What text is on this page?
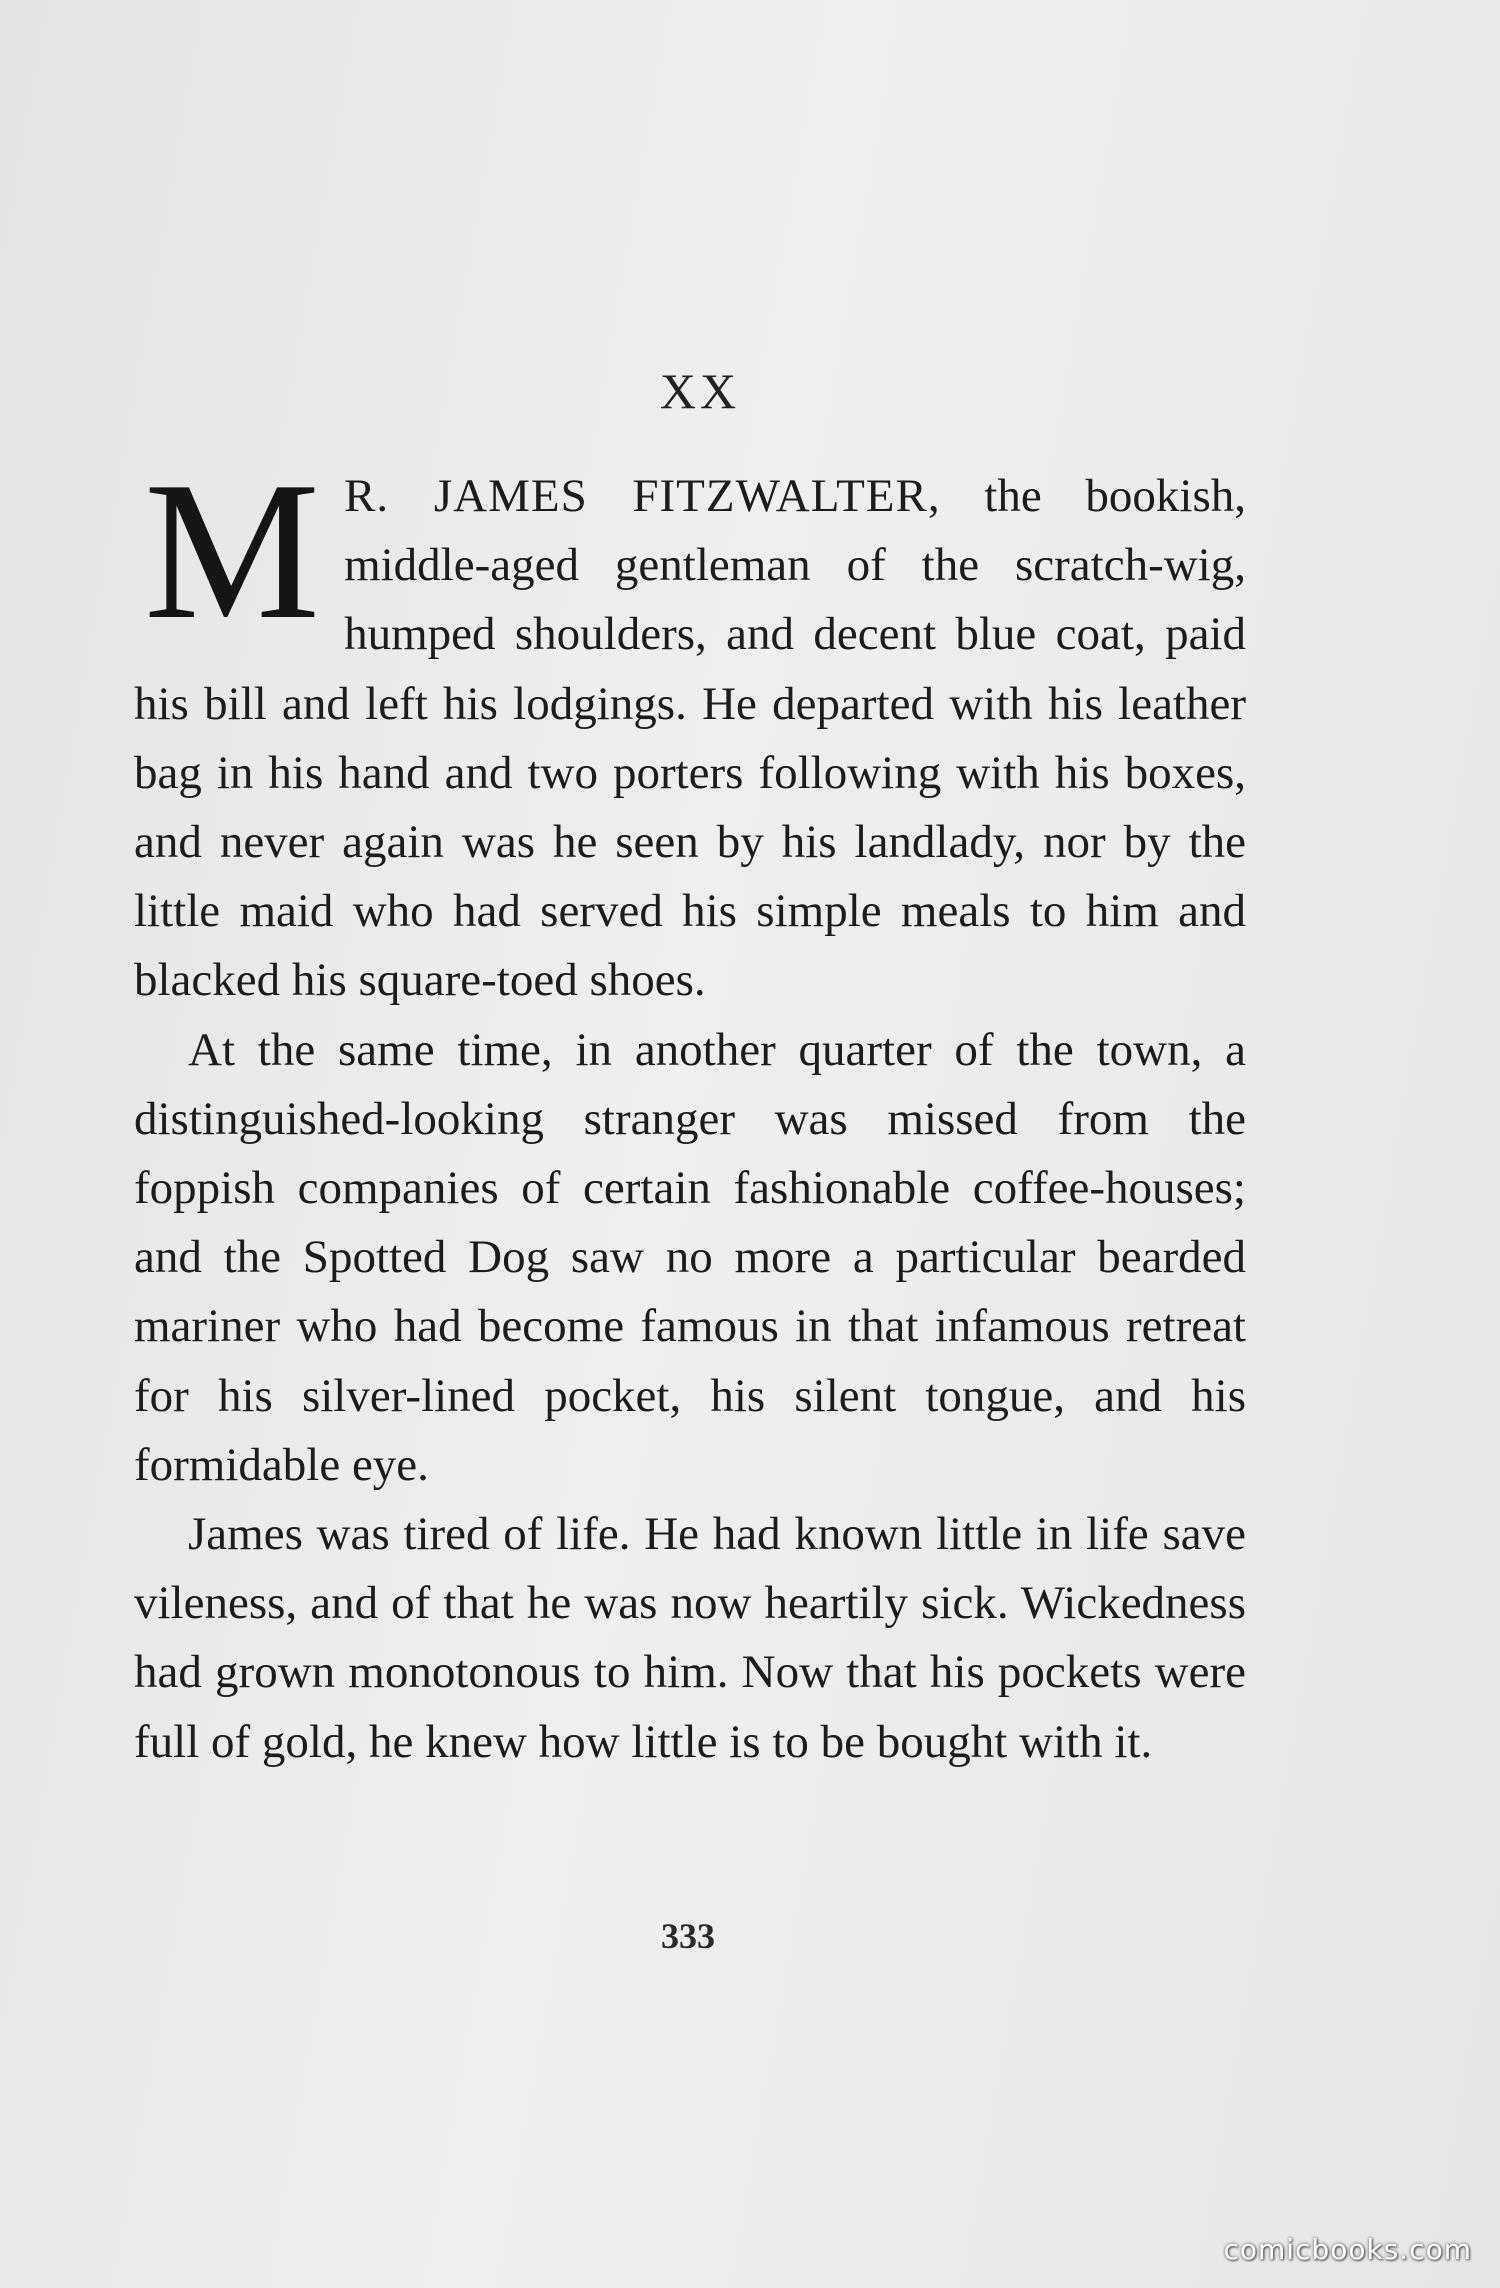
XX

M R. JAMES FITZWALTER, the bookish, middle-aged gentleman of the scratch-wig, humped shoulders, and decent blue coat, paid his bill and left his lodgings. He departed with his leather bag in his hand and two porters following with his boxes, and never again was he seen by his landlady, nor by the little maid who had served his simple meals to him and blacked his square-toed shoes.

At the same time, in another quarter of the town, a distinguished-looking stranger was missed from the foppish companies of certain fashionable coffee-houses; and the Spotted Dog saw no more a particular bearded mariner who had become famous in that infamous retreat for his silver-lined pocket, his silent tongue, and his formidable eye.

James was tired of life. He had known little in life save vileness, and of that he was now heartily sick. Wickedness had grown monotonous to him. Now that his pockets were full of gold, he knew how little is to be bought with it.

333
comicbooks.com
